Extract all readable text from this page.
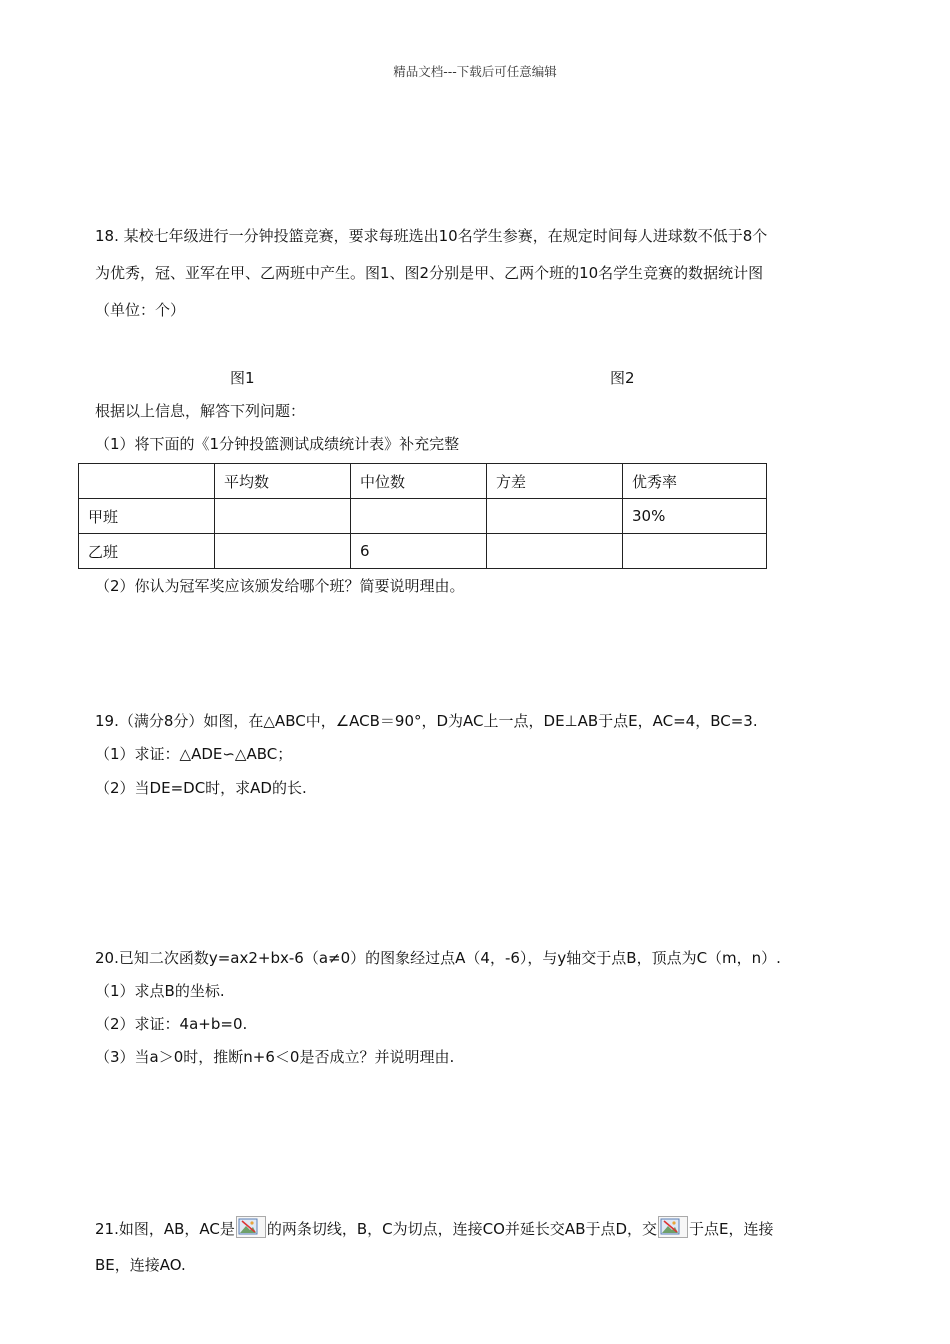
精品文档---下载后可任意编辑
18. 某校七年级进行一分钟投篮竞赛，要求每班选出10名学生参赛，在规定时间每人进球数不低于8个
为优秀，冠、亚军在甲、乙两班中产生。图1、图2分别是甲、乙两个班的10名学生竞赛的数据统计图
（单位：个）
图1	图2
根据以上信息，解答下列问题：
（1）将下面的《1分钟投篮测试成绩统计表》补充完整
	平均数	中位数	方差	优秀率
甲班				30%
乙班		6		
（2）你认为冠军奖应该颁发给哪个班？简要说明理由。
19.（满分8分）如图，在△ABC中，∠ACB＝90°，D为AC上一点，DE⊥AB于点E，AC=4，BC=3.
（1）求证：△ADE∽△ABC；
（2）当DE=DC时，求AD的长.
20.已知二次函数y=ax2+bx-6（a≠0）的图象经过点A（4，-6），与y轴交于点B，顶点为C（m，n）.
（1）求点B的坐标.
（2）求证：4a+b=0.
（3）当a＞0时，推断n+6＜0是否成立？并说明理由.
21.如图，AB，AC是 的两条切线，B，C为切点，连接CO并延长交AB于点D，交 于点E，连接
BE，连接AO.
